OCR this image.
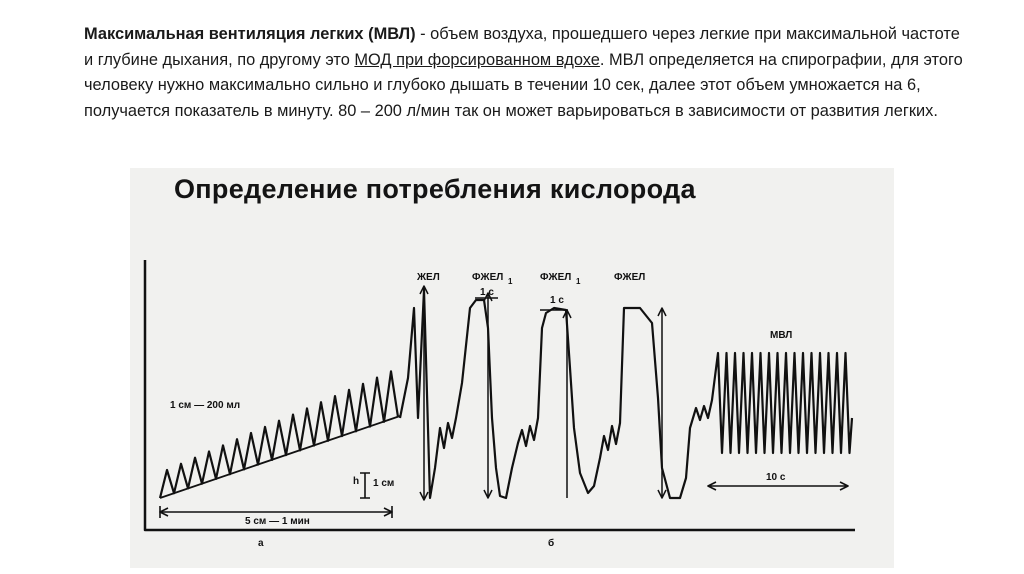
Максимальная вентиляция легких (МВЛ) - объем воздуха, прошедшего через легкие при максимальной частоте и глубине дыхания, по другому это МОД при форсированном вдохе. МВЛ определяется на спирографии, для этого человеку нужно максимально сильно и глубоко дышать в течении 10 сек, далее этот объем умножается на 6, получается показатель в минуту. 80 – 200 л/мин так он может варьироваться в зависимости от развития легких.
Определение потребления кислорода
1 см — 200 мл
h 1 см
5 см — 1 мин
ЖЕЛ	ФЖЕЛ 1
1 с
ФЖЕЛ 1
1 с
ФЖЕЛ
МВЛ
10 с
а	б
